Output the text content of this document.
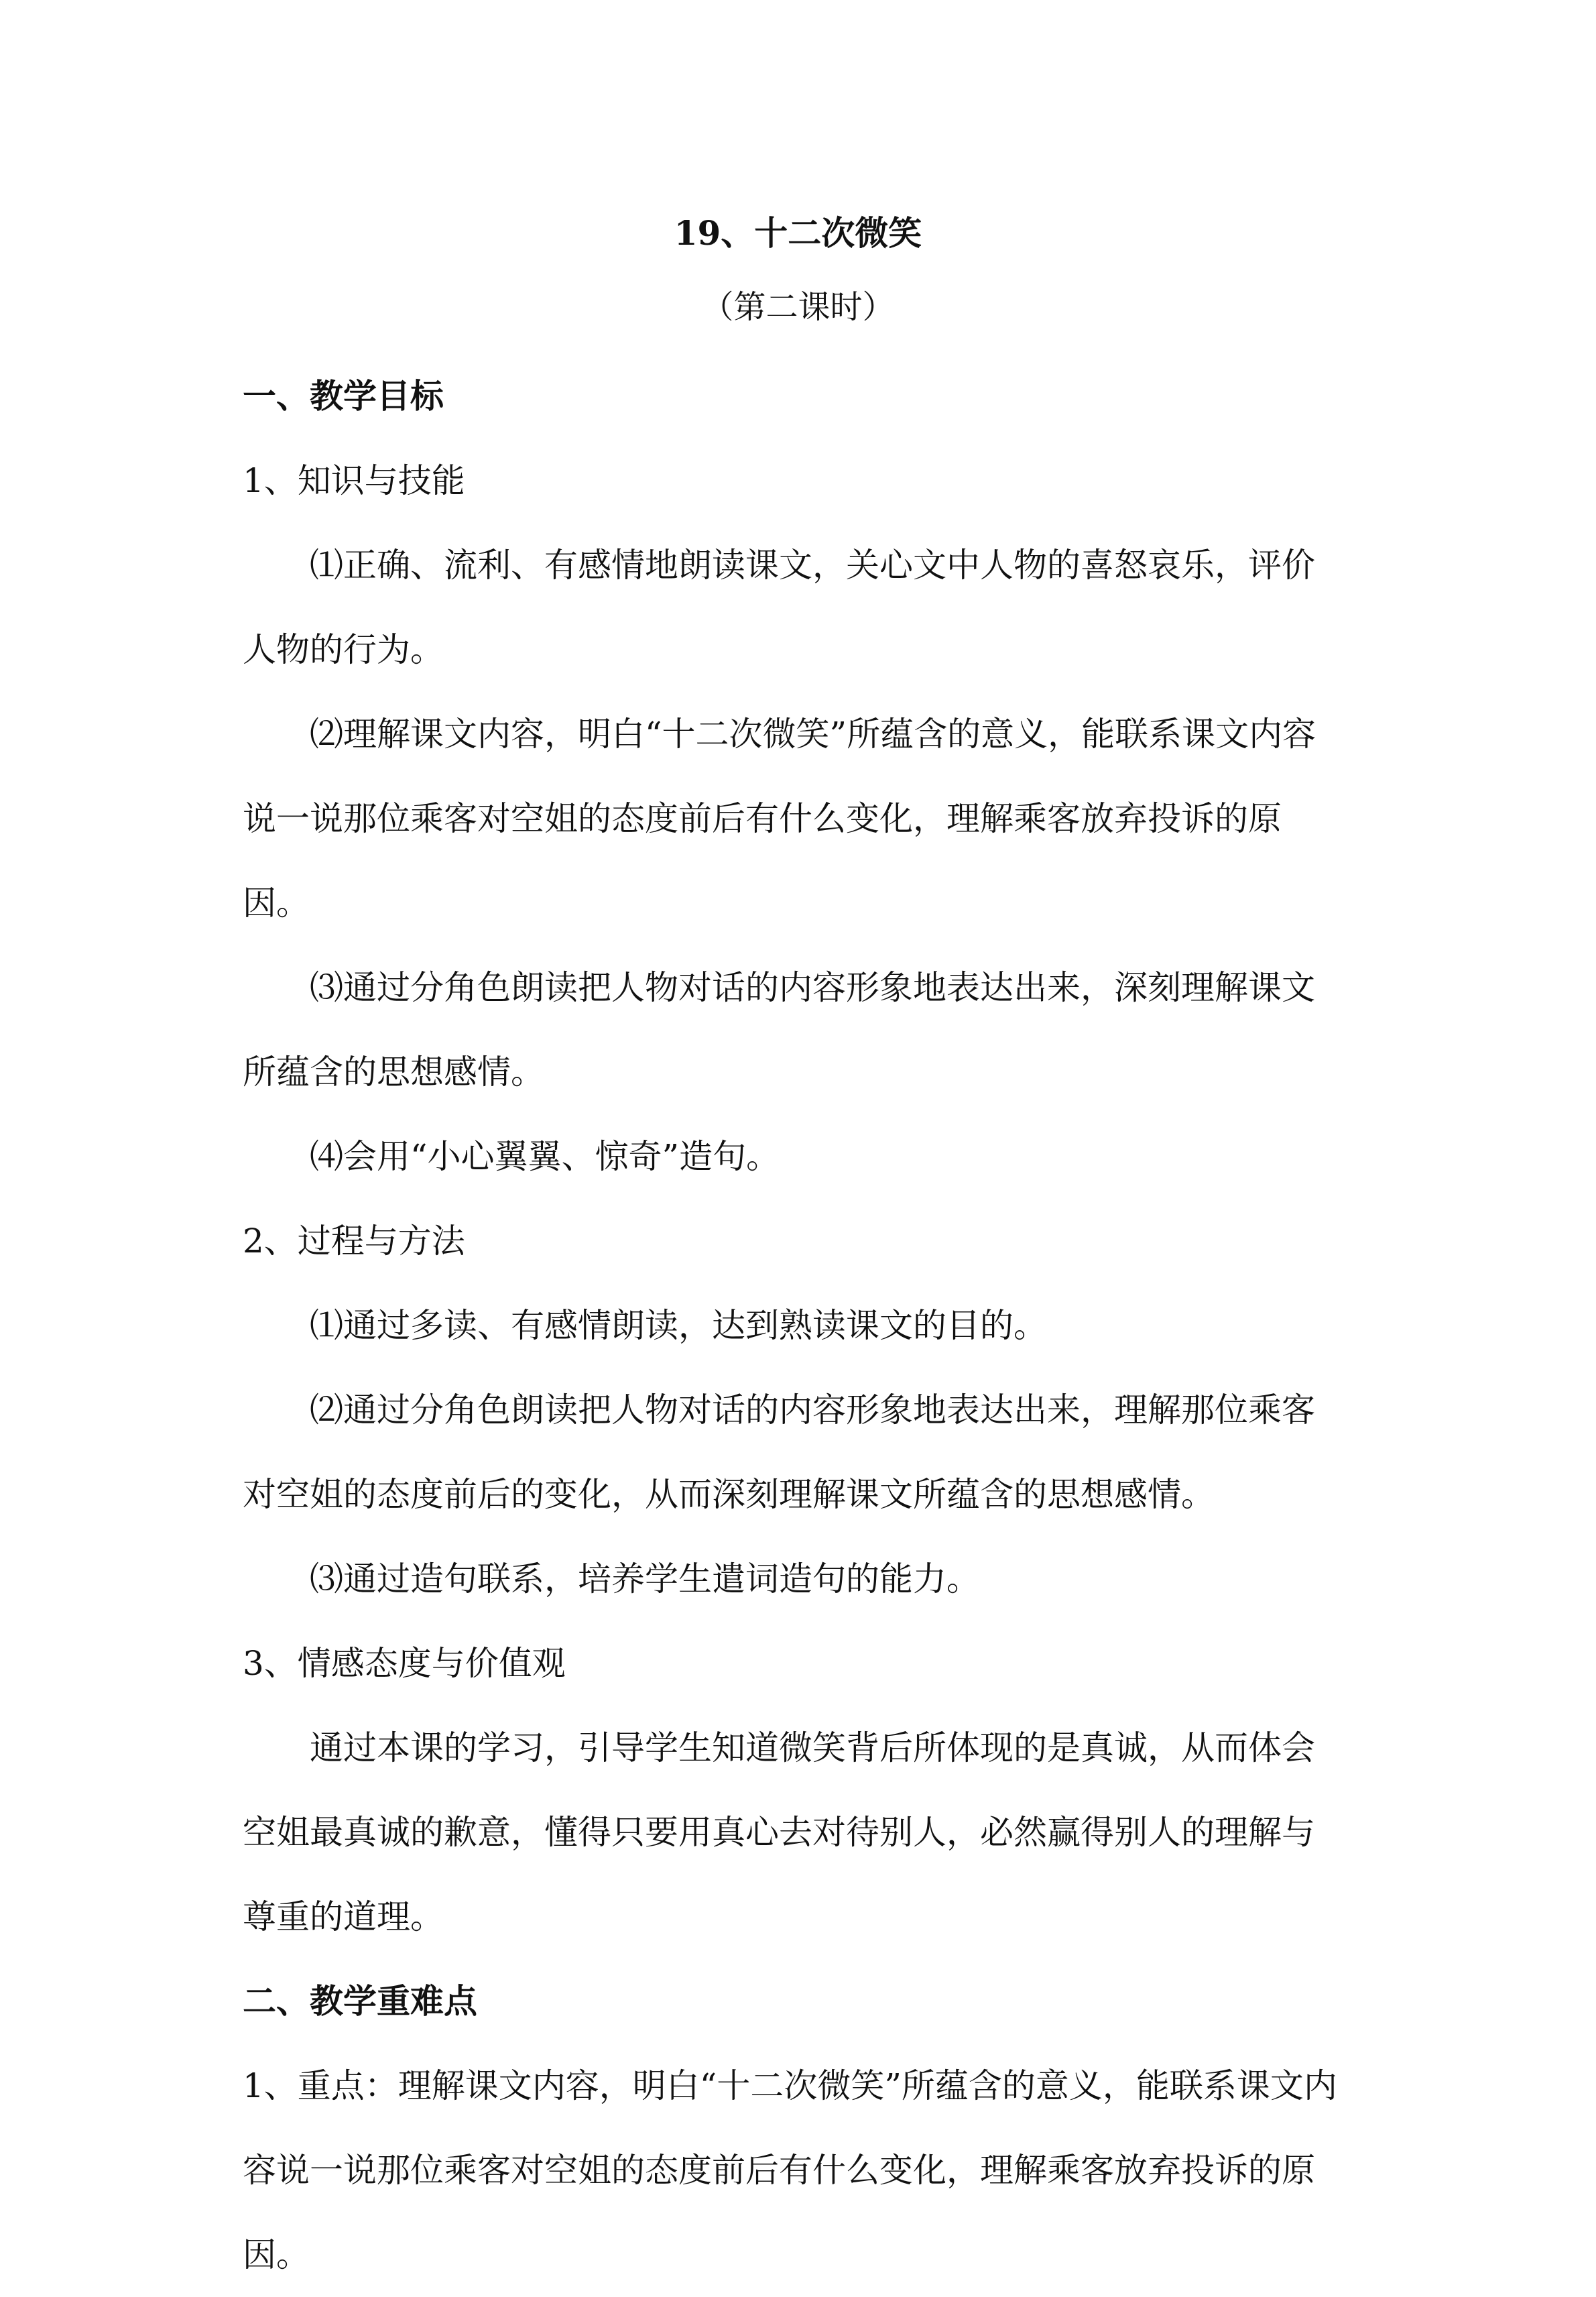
19、十二次微笑
（第二课时）

一、教学目标

1、知识与技能

⑴正确、流利、有感情地朗读课文，关心文中人物的喜怒哀乐，评价人物的行为。

⑵理解课文内容，明白“十二次微笑”所蕴含的意义，能联系课文内容说一说那位乘客对空姐的态度前后有什么变化，理解乘客放弃投诉的原因。

⑶通过分角色朗读把人物对话的内容形象地表达出来，深刻理解课文所蕴含的思想感情。

⑷会用“小心翼翼、惊奇”造句。

2、过程与方法

⑴通过多读、有感情朗读，达到熟读课文的目的。

⑵通过分角色朗读把人物对话的内容形象地表达出来，理解那位乘客对空姐的态度前后的变化，从而深刻理解课文所蕴含的思想感情。

⑶通过造句联系，培养学生遣词造句的能力。

3、情感态度与价值观

通过本课的学习，引导学生知道微笑背后所体现的是真诚，从而体会空姐最真诚的歉意，懂得只要用真心去对待别人，必然赢得别人的理解与尊重的道理。

二、教学重难点

1、重点：理解课文内容，明白“十二次微笑”所蕴含的意义，能联系课文内容说一说那位乘客对空姐的态度前后有什么变化，理解乘客放弃投诉的原因。
